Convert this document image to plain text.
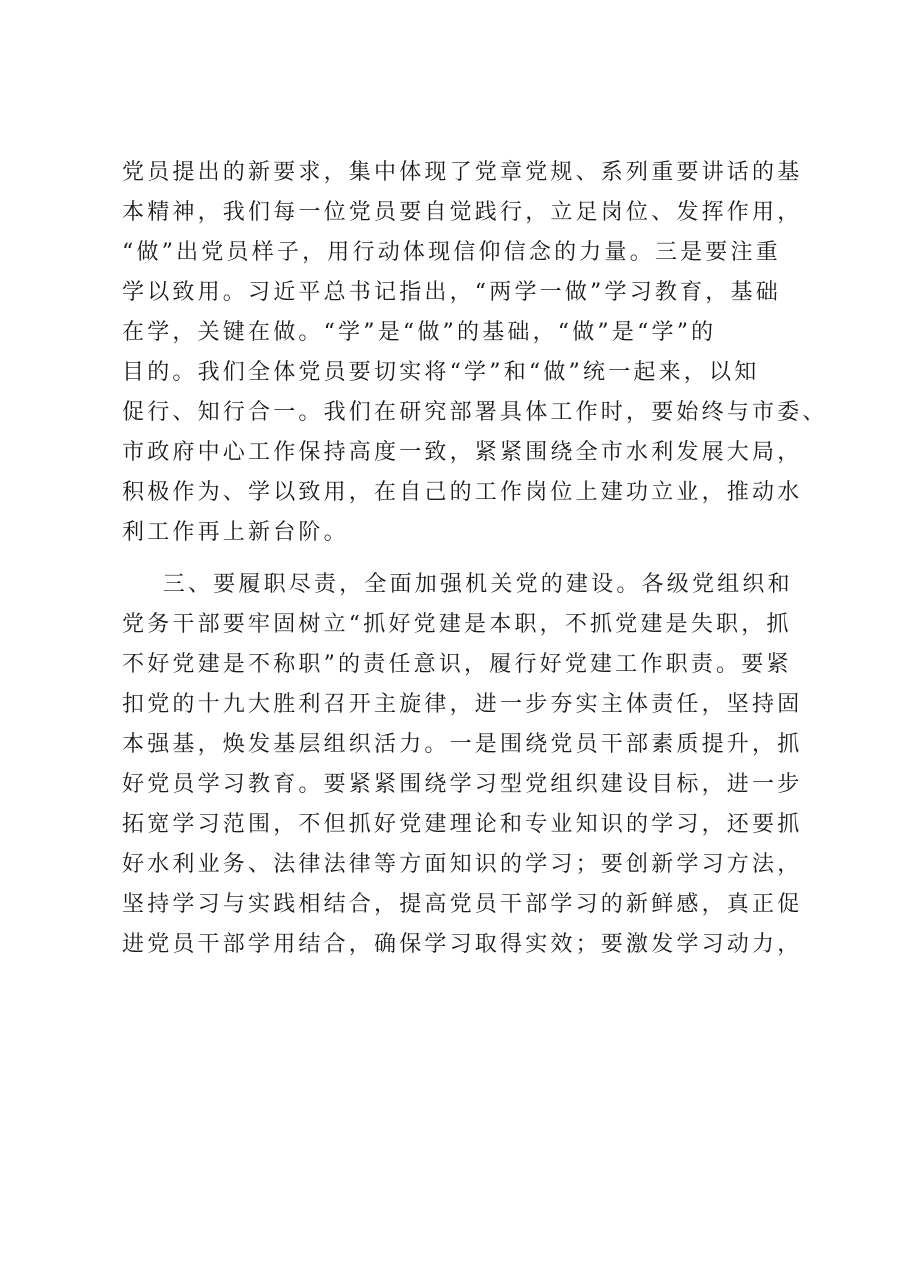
党员提出的新要求，集中体现了党章党规、系列重要讲话的基
本精神，我们每一位党员要自觉践行，立足岗位、发挥作用，
“做”出党员样子，用行动体现信仰信念的力量。三是要注重
学以致用。习近平总书记指出，“两学一做”学习教育，基础
在学，关键在做。“学”是“做”的基础，“做”是“学”的
目的。我们全体党员要切实将“学”和“做”统一起来，以知
促行、知行合一。我们在研究部署具体工作时，要始终与市委、
市政府中心工作保持高度一致，紧紧围绕全市水利发展大局，
积极作为、学以致用，在自己的工作岗位上建功立业，推动水
利工作再上新台阶。
三、要履职尽责，全面加强机关党的建设。各级党组织和
党务干部要牢固树立“抓好党建是本职，不抓党建是失职，抓
不好党建是不称职”的责任意识，履行好党建工作职责。要紧
扣党的十九大胜利召开主旋律，进一步夯实主体责任，坚持固
本强基，焕发基层组织活力。一是围绕党员干部素质提升，抓
好党员学习教育。要紧紧围绕学习型党组织建设目标，进一步
拓宽学习范围，不但抓好党建理论和专业知识的学习，还要抓
好水利业务、法律法律等方面知识的学习；要创新学习方法，
坚持学习与实践相结合，提高党员干部学习的新鲜感，真正促
进党员干部学用结合，确保学习取得实效；要激发学习动力，
